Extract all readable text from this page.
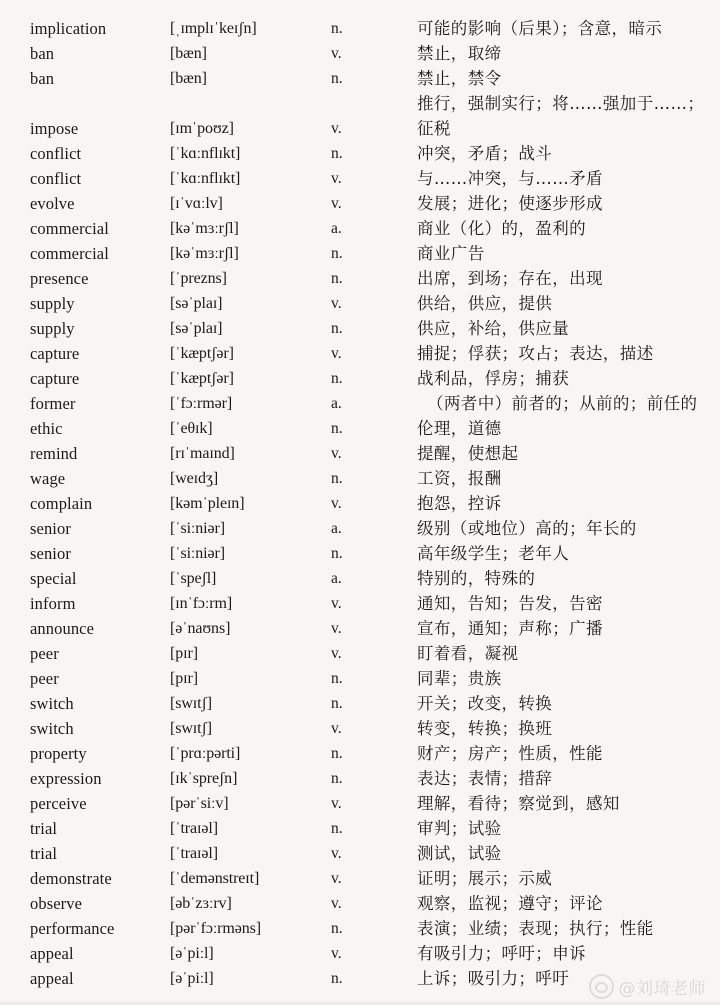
implication	[ˌɪmplɪˈkeɪʃn]	n.	可能的影响（后果）；含意，暗示
ban	[bæn]	v.	禁止，取缔
ban	[bæn]	n.	禁止，禁令
推行，强制实行；将……强加于……；
impose	[ɪmˈpoʊz]	v.	征税
conflict	[ˈkɑːnflɪkt]	n.	冲突，矛盾；战斗
conflict	[ˈkɑːnflɪkt]	v.	与……冲突，与……矛盾
evolve	[ɪˈvɑːlv]	v.	发展；进化；使逐步形成
commercial	[kəˈmɜːrʃl]	a.	商业（化）的，盈利的
commercial	[kəˈmɜːrʃl]	n.	商业广告
presence	[ˈprezns]	n.	出席，到场；存在，出现
supply	[səˈplaɪ]	v.	供给，供应，提供
supply	[səˈplaɪ]	n.	供应，补给，供应量
capture	[ˈkæptʃər]	v.	捕捉；俘获；攻占；表达，描述
capture	[ˈkæptʃər]	n.	战利品，俘房；捕获
former	[ˈfɔːrmər]	a.	（两者中）前者的；从前的；前任的
ethic	[ˈeθɪk]	n.	伦理，道德
remind	[rɪˈmaɪnd]	v.	提醒，使想起
wage	[weɪdʒ]	n.	工资，报酬
complain	[kəmˈpleɪn]	v.	抱怨，控诉
senior	[ˈsiːniər]	a.	级别（或地位）高的；年长的
senior	[ˈsiːniər]	n.	高年级学生；老年人
special	[ˈspeʃl]	a.	特别的，特殊的
inform	[ɪnˈfɔːrm]	v.	通知，告知；告发，告密
announce	[əˈnaʊns]	v.	宣布，通知；声称；广播
peer	[pɪr]	v.	盯着看，凝视
peer	[pɪr]	n.	同辈；贵族
switch	[swɪtʃ]	n.	开关；改变，转换
switch	[swɪtʃ]	v.	转变，转换；换班
property	[ˈprɑːpərti]	n.	财产；房产；性质，性能
expression	[ɪkˈspreʃn]	n.	表达；表情；措辞
perceive	[pərˈsiːv]	v.	理解，看待；察觉到，感知
trial	[ˈtraɪəl]	n.	审判；试验
trial	[ˈtraɪəl]	v.	测试，试验
demonstrate	[ˈdemənstreɪt]	v.	证明；展示；示威
observe	[əbˈzɜːrv]	v.	观察，监视；遵守；评论
performance	[pərˈfɔːrməns]	n.	表演；业绩；表现；执行；性能
appeal	[əˈpiːl]	v.	有吸引力；呼吁；申诉
appeal	[əˈpiːl]	n.	上诉；吸引力；呼吁
@刘琦老师
